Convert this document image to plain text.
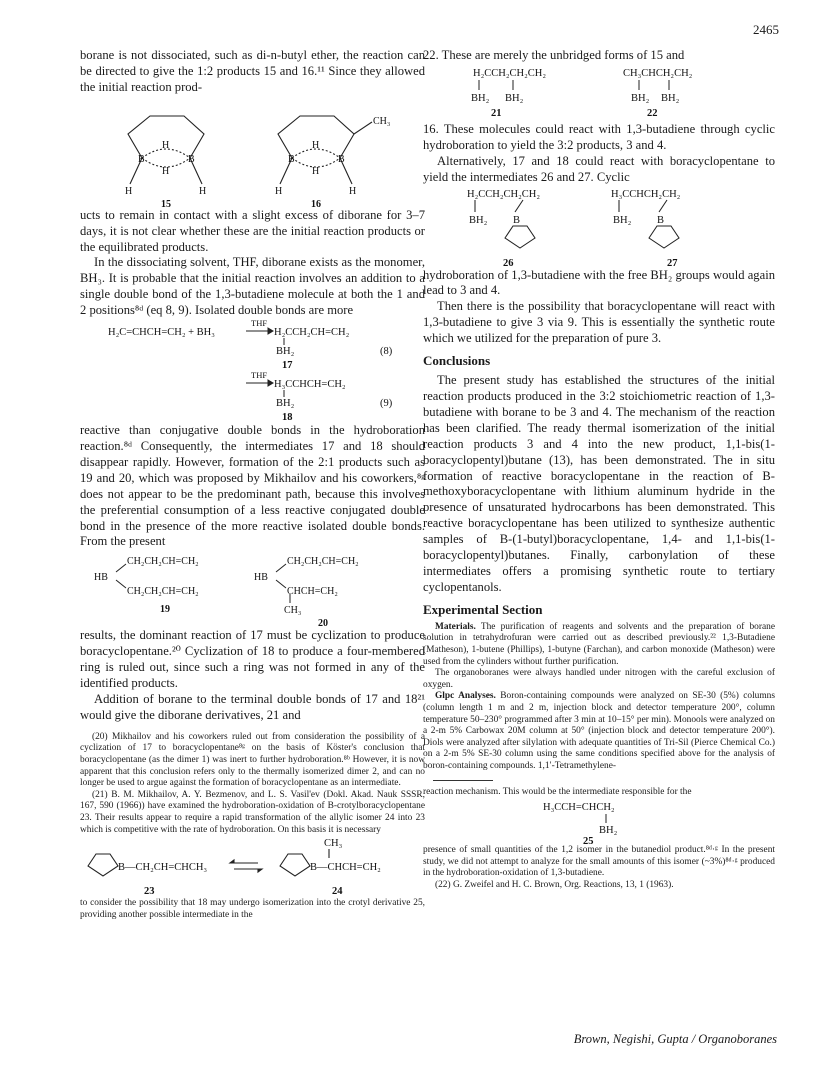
2465

borane is not dissociated, such as di-n-butyl ether, the reaction can be directed to give the 1:2 products 15 and 16.¹¹ Since they allowed the initial reaction prod-

B	B
H
H
H	H
B	B
H
H
H	H
CH₃
15	16

ucts to remain in contact with a slight excess of diborane for 3–7 days, it is not clear whether these are the initial reaction products or the equilibrated products.

In the dissociating solvent, THF, diborane exists as the monomer, BH₃. It is probable that the initial reaction involves an addition to a single double bond of the 1,3-butadiene molecule at both the 1 and 2 positions⁸ᵈ (eq 8, 9). Isolated double bonds are more

H₂C=CHCH=CH₂ + BH₃
THF
H₂CCH₂CH=CH₂
BH₂	(8)
17
THF
H₃CCHCH=CH₂
BH₂	(9)
18

reactive than conjugative double bonds in the hydroboration reaction.⁸ᵈ Consequently, the intermediates 17 and 18 should disappear rapidly. However, formation of the 2:1 products such as 19 and 20, which was proposed by Mikhailov and his coworkers,⁸ᵍ does not appear to be the predominant path, because this involves the preferential consumption of a less reactive conjugated double bond in the presence of the more reactive isolated double bonds. From the present

HB
CH₂CH₂CH=CH₂
CH₂CH₂CH=CH₂
19
HB
CH₂CH₂CH=CH₂
CHCH=CH₂
CH₃
20

results, the dominant reaction of 17 must be cyclization to produce boracyclopentane.²⁰ Cyclization of 18 to produce a four-membered ring is ruled out, since such a ring was not formed in any of the identified products.

Addition of borane to the terminal double bonds of 17 and 18²¹ would give the diborane derivatives, 21 and

(20) Mikhailov and his coworkers ruled out from consideration the possibility of a cyclization of 17 to boracyclopentane⁸ᵍ on the basis of Köster's conclusion that boracyclopentane (as the dimer 1) was inert to further hydroboration.⁸ᵇ However, it is now apparent that this conclusion refers only to the thermally isomerized dimer 2, and can no longer be used to argue against the formation of boracyclopentane as an intermediate.

(21) B. M. Mikhailov, A. Y. Bezmenov, and L. S. Vasil'ev (Dokl. Akad. Nauk SSSR, 167, 590 (1966)) have examined the hydroboration-oxidation of B-crotylboracyclopentane 23. Their results appear to require a rapid transformation of the allylic isomer 24 into 23 which is competitive with the rate of hydroboration. On this basis it is necessary

B—CH₂CH=CHCH₃
23
B—CHCH=CH₂
CH₃
24

to consider the possibility that 18 may undergo isomerization into the crotyl derivative 25, providing another possible intermediate in the

22. These are merely the unbridged forms of 15 and

H₂CCH₂CH₂CH₂
BH₂ BH₂
21
CH₃CHCH₂CH₂
BH₂ BH₂
22

16. These molecules could react with 1,3-butadiene through cyclic hydroboration to yield the 3:2 products, 3 and 4.

Alternatively, 17 and 18 could react with boracyclopentane to yield the intermediates 26 and 27. Cyclic

H₂CCH₂CH₂CH₂
BH₂ B
26
H₃CCHCH₂CH₂
BH₂ B
27

hydroboration of 1,3-butadiene with the free BH₂ groups would again lead to 3 and 4.

Then there is the possibility that boracyclopentane will react with 1,3-butadiene to give 3 via 9. This is essentially the synthetic route which we utilized for the preparation of pure 3.

Conclusions

The present study has established the structures of the initial reaction products produced in the 3:2 stoichiometric reaction of 1,3-butadiene with borane to be 3 and 4. The mechanism of the reaction has been clarified. The ready thermal isomerization of the initial reaction products 3 and 4 into the new product, 1,1-bis(1-boracyclopentyl)butane (13), has been demonstrated. The in situ formation of reactive boracyclopentane in the reaction of B-methoxyboracyclopentane with lithium aluminum hydride in the presence of unsaturated hydrocarbons has been demonstrated. This reactive boracyclopentane has been utilized to synthesize authentic samples of B-(1-butyl)boracyclopentane, 1,4- and 1,1-bis(1-boracyclopentyl)butanes. Finally, carbonylation of these intermediates offers a promising synthetic route to tertiary cyclopentanols.

Experimental Section

Materials. The purification of reagents and solvents and the preparation of borane solution in tetrahydrofuran were carried out as described previously.²² 1,3-Butadiene (Matheson), 1-butene (Phillips), 1-butyne (Farchan), and carbon monoxide (Matheson) were used from the cylinders without further purification.

The organoboranes were always handled under nitrogen with the careful exclusion of oxygen.

Glpc Analyses. Boron-containing compounds were analyzed on SE-30 (5%) columns (column length 1 m and 2 m, injection block and detector temperature 200°, column temperature 50–230° programmed after 3 min at 10–15° per min). Monools were analyzed on a 2-m 5% Carbowax 20M column at 50° (injection block and detector temperature 200°). Diols were analyzed after silylation with adequate quantities of Tri-Sil (Pierce Chemical Co.) on a 2-m 5% SE-30 column using the same conditions specified above for the analysis of boron-containing compounds. 1,1′-Tetramethylene-

reaction mechanism. This would be the intermediate responsible for the

H₃CCH=CHCH₂
BH₂
25

presence of small quantities of the 1,2 isomer in the butanediol product.⁸ᵈ·ᵍ In the present study, we did not attempt to analyze for the small amounts of this isomer (~3%)⁸ᵈ·ᵍ produced in the hydroboration-oxidation of 1,3-butadiene.

(22) G. Zweifel and H. C. Brown, Org. Reactions, 13, 1 (1963).

Brown, Negishi, Gupta / Organoboranes
